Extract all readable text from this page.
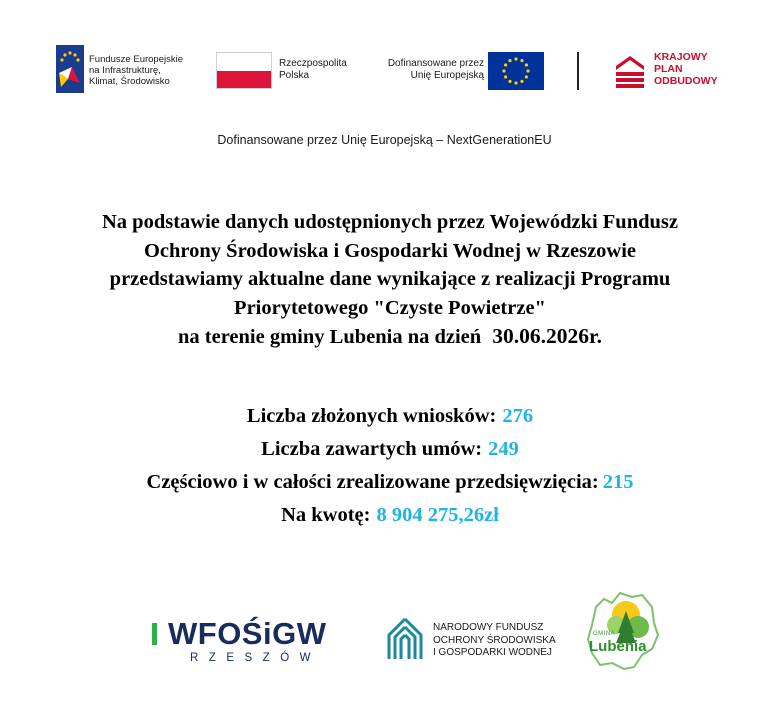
Fundusze Europejskie
na Infrastrukturę,
Klimat, Środowisko
Rzeczpospolita
Polska
Dofinansowane przez
Unię Europejską
KRAJOWY
PLAN
ODBUDOWY
Dofinansowane przez Unię Europejską – NextGenerationEU
Na podstawie danych udostępnionych przez Wojewódzki Fundusz
Ochrony Środowiska i Gospodarki Wodnej w Rzeszowie
przedstawiamy aktualne dane wynikające z realizacji Programu
Priorytetowego "Czyste Powietrze"
na terenie gminy Lubenia na dzień 30.06.2026r.
Liczba złożonych wniosków: 276
Liczba zawartych umów: 249
Częściowo i w całości zrealizowane przedsięwzięcia: 215
Na kwotę: 8 904 275,26zł
WFOŚiGW
RZESZÓW
NARODOWY FUNDUSZ
OCHRONY ŚRODOWISKA
I GOSPODARKI WODNEJ
GMINA
Lubenia
